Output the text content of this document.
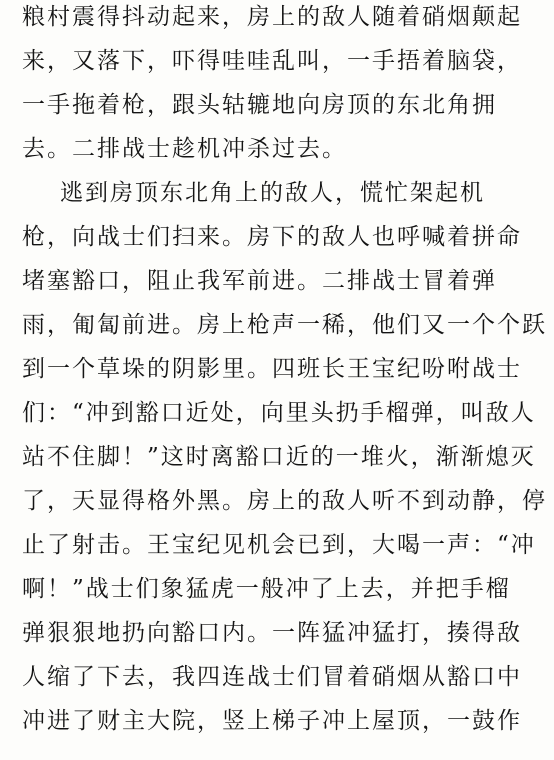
粮村震得抖动起来，房上的敌人随着硝烟颠起
来，又落下，吓得哇哇乱叫，一手捂着脑袋，
一手拖着枪，跟头轱辘地向房顶的东北角拥
去。二排战士趁机冲杀过去。
逃到房顶东北角上的敌人，慌忙架起机
枪，向战士们扫来。房下的敌人也呼喊着拼命
堵塞豁口，阻止我军前进。二排战士冒着弹
雨，匍匐前进。房上枪声一稀，他们又一个个跃
到一个草垛的阴影里。四班长王宝纪吩咐战士
们：“冲到豁口近处，向里头扔手榴弹，叫敌人
站不住脚！”这时离豁口近的一堆火，渐渐熄灭
了，天显得格外黑。房上的敌人听不到动静，停
止了射击。王宝纪见机会已到，大喝一声：“冲
啊！”战士们象猛虎一般冲了上去，并把手榴
弹狠狠地扔向豁口内。一阵猛冲猛打，揍得敌
人缩了下去，我四连战士们冒着硝烟从豁口中
冲进了财主大院，竖上梯子冲上屋顶，一鼓作
